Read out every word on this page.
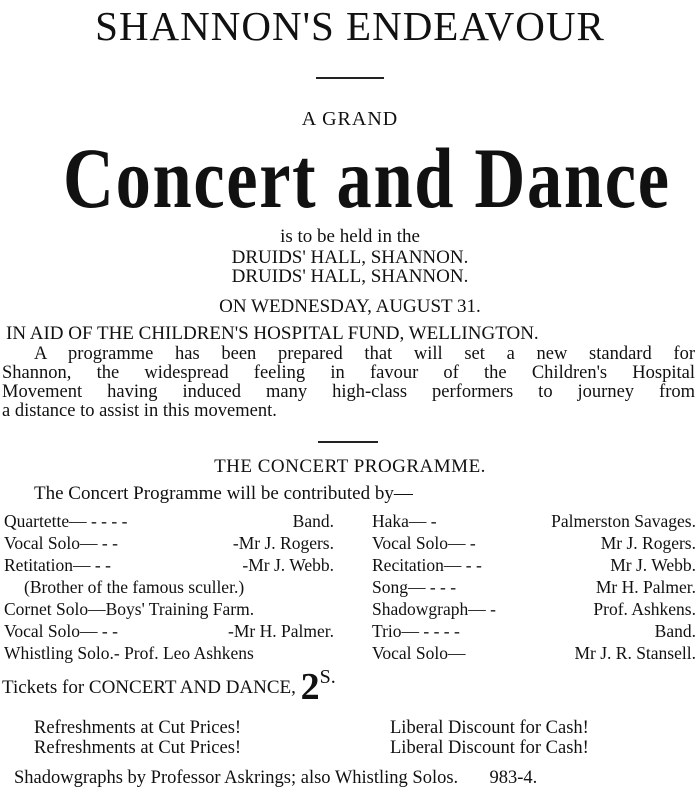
SHANNON'S ENDEAVOUR
A GRAND
Concert and Dance
is to be held in the
DRUIDS' HALL, SHANNON.
DRUIDS' HALL, SHANNON.
ON WEDNESDAY, AUGUST 31.
IN AID OF THE CHILDREN'S HOSPITAL FUND, WELLINGTON.
A programme has been prepared that will set a new standard for
Shannon, the widespread feeling in favour of the Children's Hospital
Movement having induced many high-class performers to journey from
a distance to assist in this movement.
THE CONCERT PROGRAMME.
The Concert Programme will be contributed by—
Quartette— - - - -	Band.
Vocal Solo— - -	-Mr J. Rogers.
Retitation— - -	-Mr J. Webb.
(Brother of the famous sculler.)
Cornet Solo—Boys' Training Farm.
Vocal Solo— - -	-Mr H. Palmer.
Whistling Solo.- Prof. Leo Ashkens
Haka— -	Palmerston Savages.
Vocal Solo— -	Mr J. Rogers.
Recitation— - -	Mr J. Webb.
Song— - - -	Mr H. Palmer.
Shadowgraph— -	Prof. Ashkens.
Trio— - - - -	Band.
Vocal Solo—	Mr J. R. Stansell.
Tickets for CONCERT AND DANCE, 2S.
Refreshments at Cut Prices!
Refreshments at Cut Prices!
Liberal Discount for Cash!
Liberal Discount for Cash!
Shadowgraphs by Professor Askrings; also Whistling Solos. 983-4.
